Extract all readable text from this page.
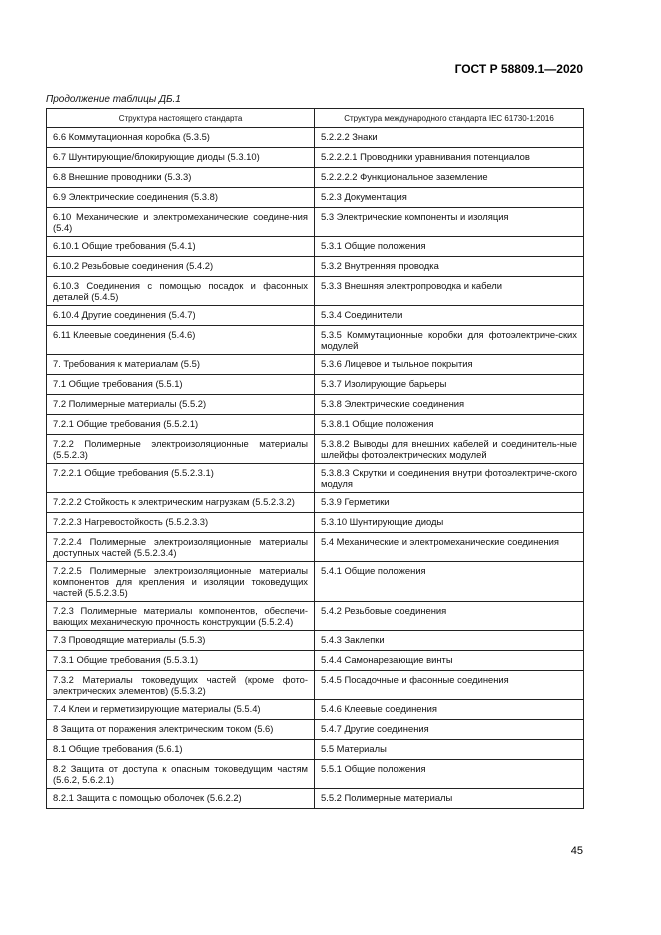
ГОСТ Р 58809.1—2020
Продолжение таблицы ДБ.1
Структура настоящего стандарта	Структура международного стандарта IEC 61730-1:2016
6.6 Коммутационная коробка (5.3.5)	5.2.2.2 Знаки
6.7 Шунтирующие/блокирующие диоды (5.3.10)	5.2.2.2.1 Проводники уравнивания потенциалов
6.8 Внешние проводники (5.3.3)	5.2.2.2.2 Функциональное заземление
6.9 Электрические соединения (5.3.8)	5.2.3 Документация
6.10 Механические и электромеханические соедине-ния (5.4)	5.3 Электрические компоненты и изоляция
6.10.1 Общие требования (5.4.1)	5.3.1 Общие положения
6.10.2 Резьбовые соединения (5.4.2)	5.3.2 Внутренняя проводка
6.10.3 Соединения с помощью посадок и фасонных деталей (5.4.5)	5.3.3 Внешняя электропроводка и кабели
6.10.4 Другие соединения (5.4.7)	5.3.4 Соединители
6.11 Клеевые соединения (5.4.6)	5.3.5 Коммутационные коробки для фотоэлектриче-ских модулей
7. Требования к материалам (5.5)	5.3.6 Лицевое и тыльное покрытия
7.1 Общие требования (5.5.1)	5.3.7 Изолирующие барьеры
7.2 Полимерные материалы (5.5.2)	5.3.8 Электрические соединения
7.2.1 Общие требования (5.5.2.1)	5.3.8.1 Общие положения
7.2.2 Полимерные электроизоляционные материалы (5.5.2.3)	5.3.8.2 Выводы для внешних кабелей и соединитель-ные шлейфы фотоэлектрических модулей
7.2.2.1 Общие требования (5.5.2.3.1)	5.3.8.3 Скрутки и соединения внутри фотоэлектриче-ского модуля
7.2.2.2 Стойкость к электрическим нагрузкам (5.5.2.3.2)	5.3.9 Герметики
7.2.2.3 Нагревостойкость (5.5.2.3.3)	5.3.10 Шунтирующие диоды
7.2.2.4 Полимерные электроизоляционные материалы доступных частей (5.5.2.3.4)	5.4 Механические и электромеханические соединения
7.2.2.5 Полимерные электроизоляционные материалы компонентов для крепления и изоляции токоведущих частей (5.5.2.3.5)	5.4.1 Общие положения
7.2.3 Полимерные материалы компонентов, обеспечи-вающих механическую прочность конструкции (5.5.2.4)	5.4.2 Резьбовые соединения
7.3 Проводящие материалы (5.5.3)	5.4.3 Заклепки
7.3.1 Общие требования (5.5.3.1)	5.4.4 Самонарезающие винты
7.3.2 Материалы токоведущих частей (кроме фото-электрических элементов) (5.5.3.2)	5.4.5 Посадочные и фасонные соединения
7.4 Клеи и герметизирующие материалы (5.5.4)	5.4.6 Клеевые соединения
8 Защита от поражения электрическим током (5.6)	5.4.7 Другие соединения
8.1 Общие требования (5.6.1)	5.5 Материалы
8.2 Защита от доступа к опасным токоведущим частям (5.6.2, 5.6.2.1)	5.5.1 Общие положения
8.2.1 Защита с помощью оболочек (5.6.2.2)	5.5.2 Полимерные материалы
45
